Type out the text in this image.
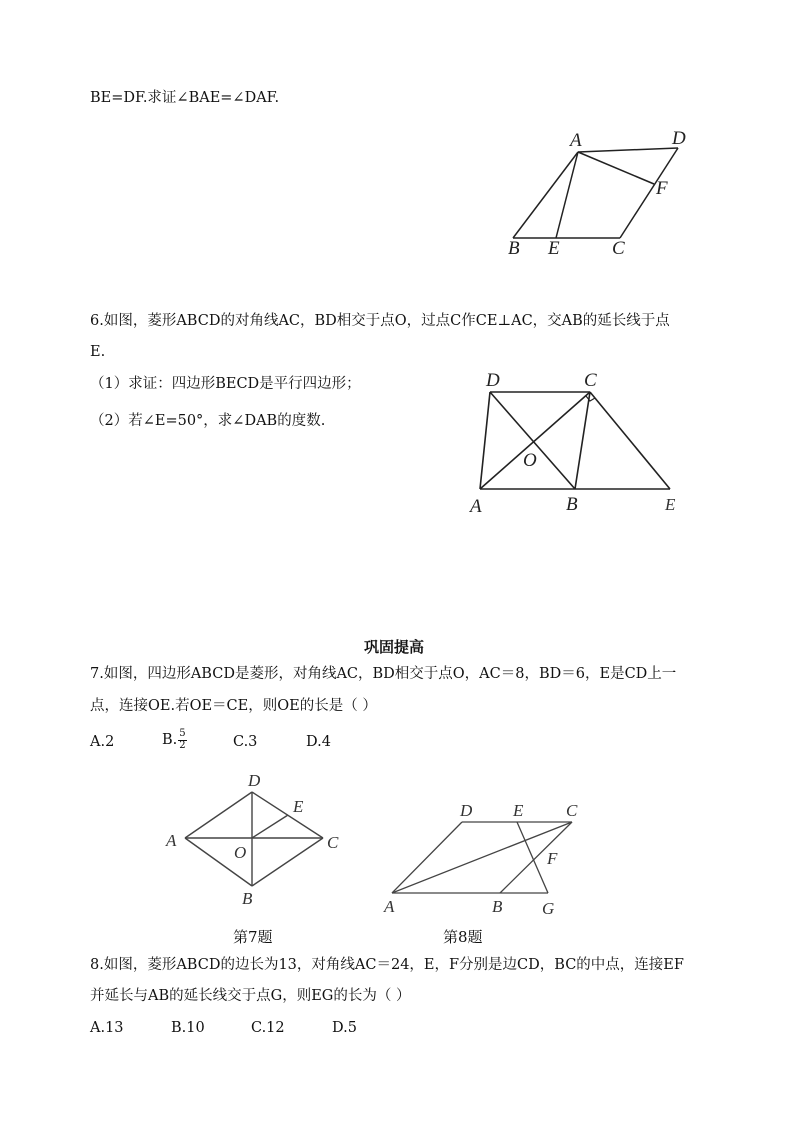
BE=DF.求证∠BAE=∠DAF.
A	D
F
B E	C
6.如图，菱形ABCD的对角线AC，BD相交于点O，过点C作CE⊥AC，交AB的延长线于点
E.
（1）求证：四边形BECD是平行四边形；
（2）若∠E=50°，求∠DAB的度数.
D	C
O
A	B	E
巩固提高
7.如图，四边形ABCD是菱形，对角线AC，BD相交于点O，AC＝8，BD＝6，E是CD上一
点，连接OE.若OE＝CE，则OE的长是（ ）
A.2	B. $\frac{5}{2}$	C.3	D.4
D
E
A
O
C
B
第7题
D E	C
F
A	B G
第8题
8.如图，菱形ABCD的边长为13，对角线AC＝24，E，F分别是边CD，BC的中点，连接EF
并延长与AB的延长线交于点G，则EG的长为（ ）
A.13	B.10	C.12	D.5
